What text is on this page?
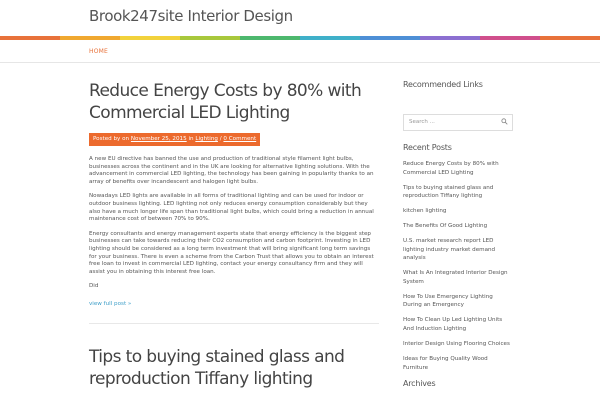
Brook247site Interior Design
HOME
Reduce Energy Costs by 80% with
Commercial LED Lighting
Posted by on November 25, 2015 in Lighting / 0 Comment

A new EU directive has banned the use and production of traditional style filament light bulbs, businesses across the continent and in the UK are looking for alternative lighting solutions. With the advancement in commercial LED lighting, the technology has been gaining in popularity thanks to an array of benefits over incandescent and halogen light bulbs.

Nowadays LED lights are available in all forms of traditional lighting and can be used for indoor or outdoor business lighting. LED lighting not only reduces energy consumption considerably but they also have a much longer life span than traditional light bulbs, which could bring a reduction in annual maintenance cost of between 70% to 90%.

Energy consultants and energy management experts state that energy efficiency is the biggest step businesses can take towards reducing their CO2 consumption and carbon footprint. Investing in LED lighting should be considered as a long term investment that will bring significant long term savings for your business. There is even a scheme from the Carbon Trust that allows you to obtain an interest free loan to invest in commercial LED lighting, contact your energy consultancy firm and they will assist you in obtaining this interest free loan.

Did

view full post »
Tips to buying stained glass and
reproduction Tiffany lighting
Recommended Links
Search ...
Recent Posts
Reduce Energy Costs by 80% with Commercial LED Lighting
Tips to buying stained glass and reproduction Tiffany lighting
kitchen lighting
The Benefits Of Good Lighting
U.S. market research report LED lighting industry market demand analysis
What Is An Integrated Interior Design System
How To Use Emergency Lighting During an Emergency
How To Clean Up Led Lighting Units And Induction Lighting
Interior Design Using Flooring Choices
Ideas for Buying Quality Wood Furniture
Archives
